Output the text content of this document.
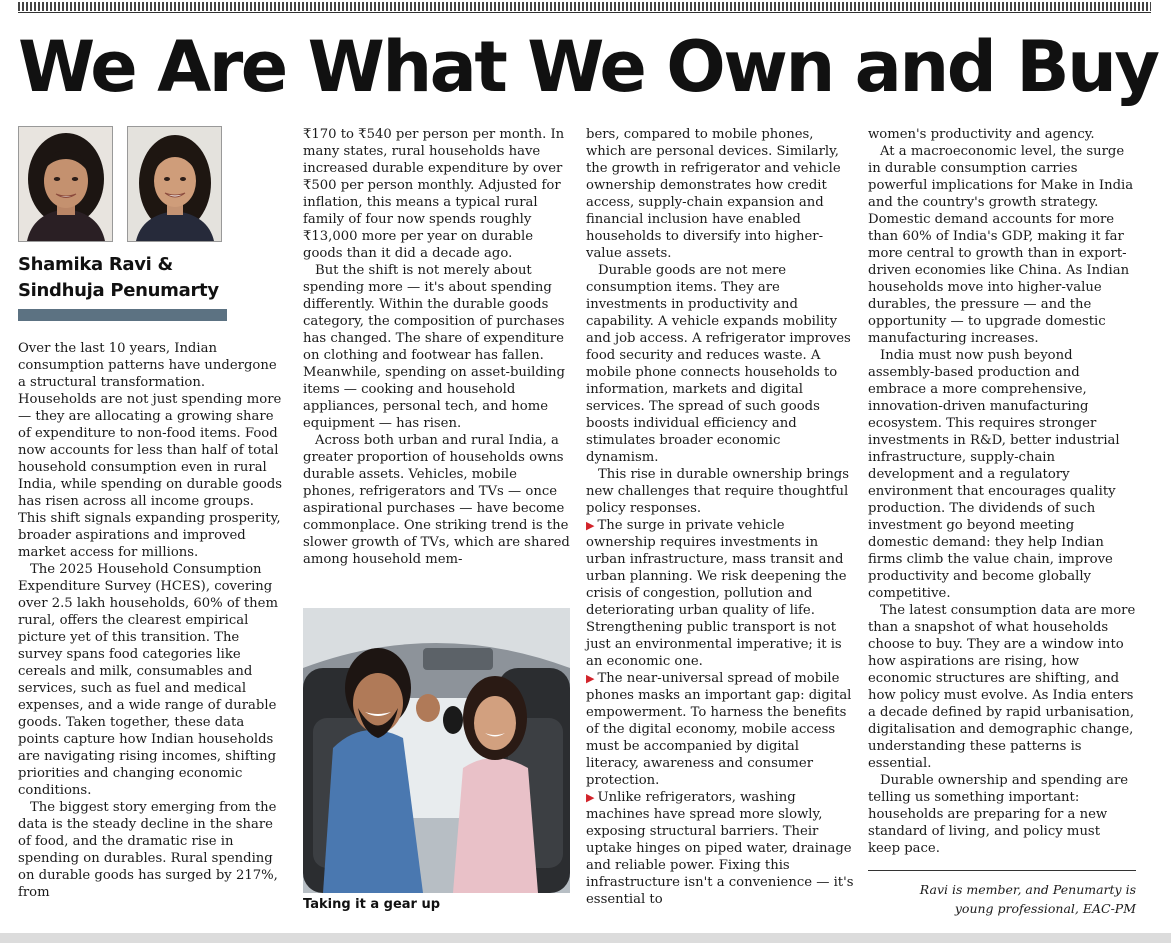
We Are What We Own and Buy
Shamika Ravi &
Sindhuja Penumarty

Over the last 10 years, Indian consumption patterns have undergone a structural transformation. Households are not just spending more — they are allocating a growing share of expenditure to non-food items. Food now accounts for less than half of total household consumption even in rural India, while spending on durable goods has risen across all income groups. This shift signals expanding prosperity, broader aspirations and improved market access for millions.

The 2025 Household Consumption Expenditure Survey (HCES), covering over 2.5 lakh households, 60% of them rural, offers the clearest empirical picture yet of this transition. The survey spans food categories like cereals and milk, consumables and services, such as fuel and medical expenses, and a wide range of durable goods. Taken together, these data points capture how Indian households are navigating rising incomes, shifting priorities and changing economic conditions.

The biggest story emerging from the data is the steady decline in the share of food, and the dramatic rise in spending on durables. Rural spending on durable goods has surged by 217%, from

₹170 to ₹540 per person per month. In many states, rural households have increased durable expenditure by over ₹500 per person monthly. Adjusted for inflation, this means a typical rural family of four now spends roughly ₹13,000 more per year on durable goods than it did a decade ago.

But the shift is not merely about spending more — it's about spending differently. Within the durable goods category, the composition of purchases has changed. The share of expenditure on clothing and footwear has fallen. Meanwhile, spending on asset-building items — cooking and household appliances, personal tech, and home equipment — has risen.

Across both urban and rural India, a greater proportion of households owns durable assets. Vehicles, mobile phones, refrigerators and TVs — once aspirational purchases — have become commonplace. One striking trend is the slower growth of TVs, which are shared among household mem-

Taking it a gear up

bers, compared to mobile phones, which are personal devices. Similarly, the growth in refrigerator and vehicle ownership demonstrates how credit access, supply-chain expansion and financial inclusion have enabled households to diversify into higher-value assets.

Durable goods are not mere consumption items. They are investments in productivity and capability. A vehicle expands mobility and job access. A refrigerator improves food security and reduces waste. A mobile phone connects households to information, markets and digital services. The spread of such goods boosts individual efficiency and stimulates broader economic dynamism.

This rise in durable ownership brings new challenges that require thoughtful policy responses.

▶ The surge in private vehicle ownership requires investments in urban infrastructure, mass transit and urban planning. We risk deepening the crisis of congestion, pollution and deteriorating urban quality of life. Strengthening public transport is not just an environmental imperative; it is an economic one.

▶ The near-universal spread of mobile phones masks an important gap: digital empowerment. To harness the benefits of the digital economy, mobile access must be accompanied by digital literacy, awareness and consumer protection.

▶ Unlike refrigerators, washing machines have spread more slowly, exposing structural barriers. Their uptake hinges on piped water, drainage and reliable power. Fixing this infrastructure isn't a convenience — it's essential to

women's productivity and agency.

At a macroeconomic level, the surge in durable consumption carries powerful implications for Make in India and the country's growth strategy. Domestic demand accounts for more than 60% of India's GDP, making it far more central to growth than in export-driven economies like China. As Indian households move into higher-value durables, the pressure — and the opportunity — to upgrade domestic manufacturing increases.

India must now push beyond assembly-based production and embrace a more comprehensive, innovation-driven manufacturing ecosystem. This requires stronger investments in R&D, better industrial infrastructure, supply-chain development and a regulatory environment that encourages quality production. The dividends of such investment go beyond meeting domestic demand: they help Indian firms climb the value chain, improve productivity and become globally competitive.

The latest consumption data are more than a snapshot of what households choose to buy. They are a window into how aspirations are rising, how economic structures are shifting, and how policy must evolve. As India enters a decade defined by rapid urbanisation, digitalisation and demographic change, understanding these patterns is essential.

Durable ownership and spending are telling us something important: households are preparing for a new standard of living, and policy must keep pace.

Ravi is member, and Penumarty is
young professional, EAC-PM
